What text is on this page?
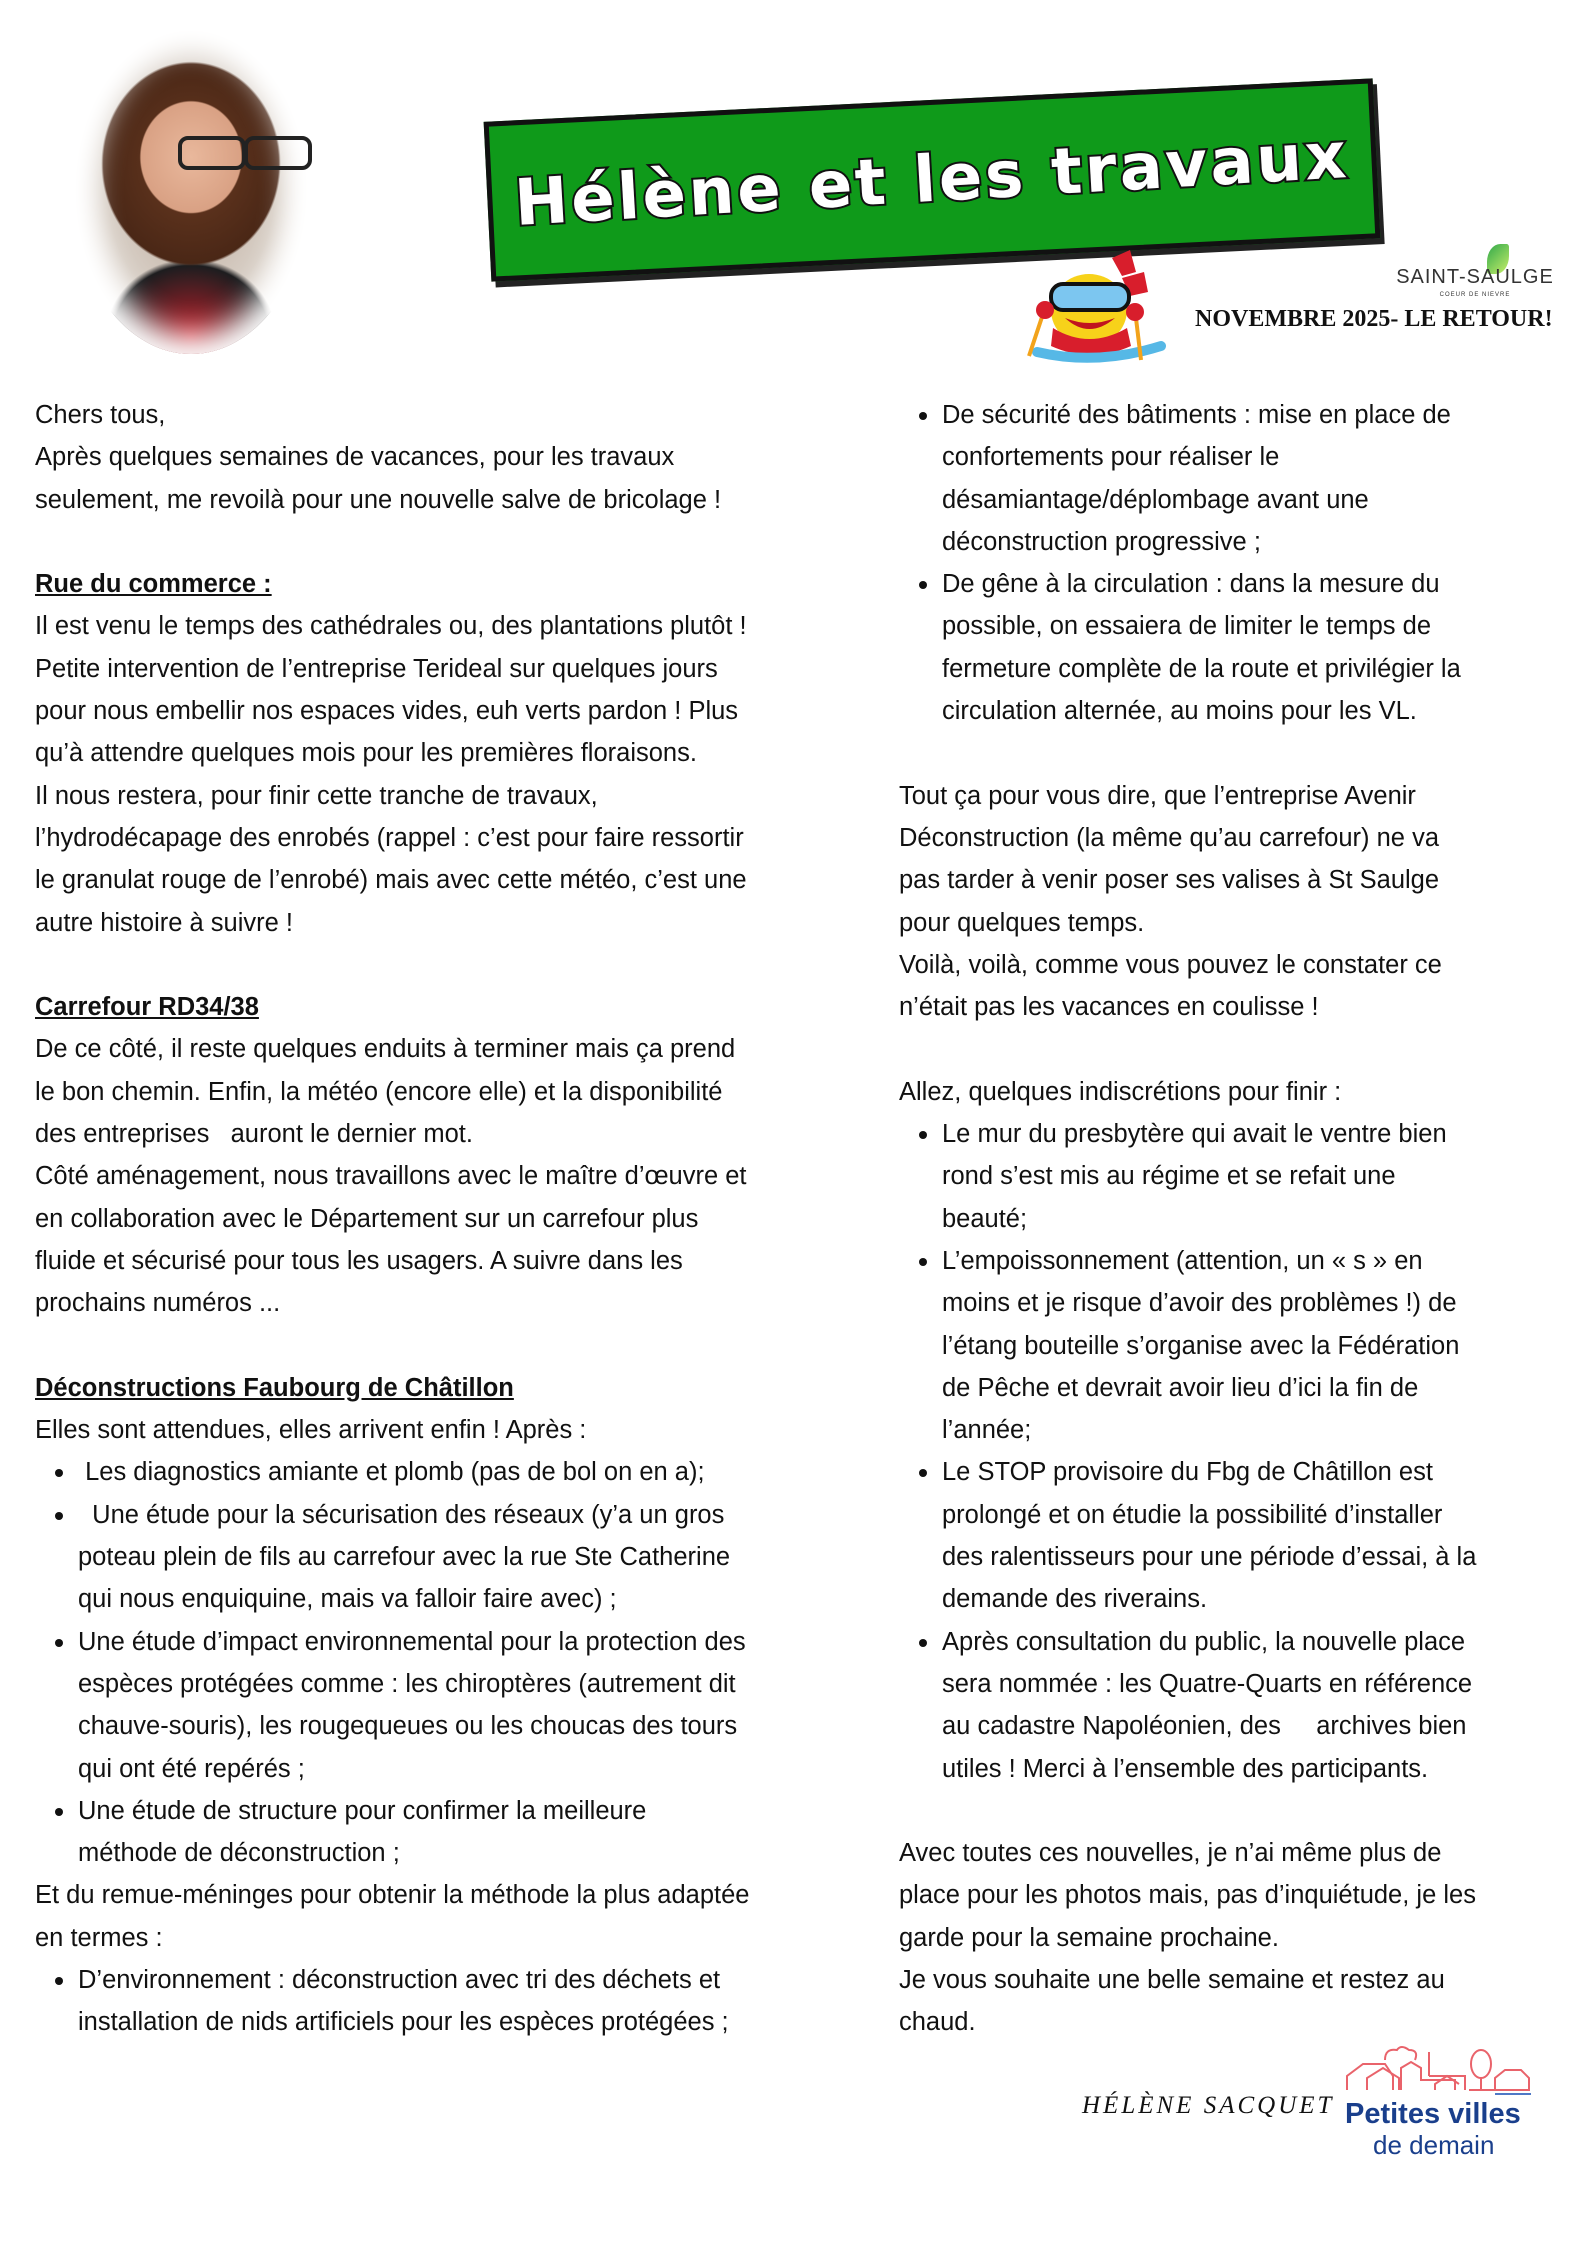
Hélène et les travaux
SAINT-SAULGE
COEUR DE NIEVRE
NOVEMBRE 2025- LE RETOUR!
Chers tous,
Après quelques semaines de vacances, pour les travaux
seulement, me revoilà pour une nouvelle salve de bricolage !
Rue du commerce :
Il est venu le temps des cathédrales ou, des plantations plutôt !
Petite intervention de l’entreprise Terideal sur quelques jours
pour nous embellir nos espaces vides, euh verts pardon ! Plus
qu’à attendre quelques mois pour les premières floraisons.
Il nous restera, pour finir cette tranche de travaux,
l’hydrodécapage des enrobés (rappel : c’est pour faire ressortir
le granulat rouge de l’enrobé) mais avec cette météo, c’est une
autre histoire à suivre !
Carrefour RD34/38
De ce côté, il reste quelques enduits à terminer mais ça prend
le bon chemin. Enfin, la météo (encore elle) et la disponibilité
des entreprises   auront le dernier mot.
Côté aménagement, nous travaillons avec le maître d’œuvre et
en collaboration avec le Département sur un carrefour plus
fluide et sécurisé pour tous les usagers. A suivre dans les
prochains numéros ...
Déconstructions Faubourg de Châtillon
Elles sont attendues, elles arrivent enfin ! Après :
Les diagnostics amiante et plomb (pas de bol on en a);
Une étude pour la sécurisation des réseaux (y’a un gros
poteau plein de fils au carrefour avec la rue Ste Catherine
qui nous enquiquine, mais va falloir faire avec) ;
Une étude d’impact environnemental pour la protection des
espèces protégées comme : les chiroptères (autrement dit
chauve-souris), les rougequeues ou les choucas des tours
qui ont été repérés ;
Une étude de structure pour confirmer la meilleure
méthode de déconstruction ;
Et du remue-méninges pour obtenir la méthode la plus adaptée
en termes :
D’environnement : déconstruction avec tri des déchets et
installation de nids artificiels pour les espèces protégées ;
De sécurité des bâtiments : mise en place de
confortements pour réaliser le
désamiantage/déplombage avant une
déconstruction progressive ;
De gêne à la circulation : dans la mesure du
possible, on essaiera de limiter le temps de
fermeture complète de la route et privilégier la
circulation alternée, au moins pour les VL.
Tout ça pour vous dire, que l’entreprise Avenir
Déconstruction (la même qu’au carrefour) ne va
pas tarder à venir poser ses valises à St Saulge
pour quelques temps.
Voilà, voilà, comme vous pouvez le constater ce
n’était pas les vacances en coulisse !
Allez, quelques indiscrétions pour finir :
Le mur du presbytère qui avait le ventre bien
rond s’est mis au régime et se refait une
beauté;
L’empoissonnement (attention, un « s » en
moins et je risque d’avoir des problèmes !) de
l’étang bouteille s’organise avec la Fédération
de Pêche et devrait avoir lieu d’ici la fin de
l’année;
Le STOP provisoire du Fbg de Châtillon est
prolongé et on étudie la possibilité d’installer
des ralentisseurs pour une période d’essai, à la
demande des riverains.
Après consultation du public, la nouvelle place
sera nommée : les Quatre-Quarts en référence
au cadastre Napoléonien, des     archives bien
utiles ! Merci à l’ensemble des participants.
Avec toutes ces nouvelles, je n’ai même plus de
place pour les photos mais, pas d’inquiétude, je les
garde pour la semaine prochaine.
Je vous souhaite une belle semaine et restez au
chaud.
HÉLÈNE SACQUET Petites villes
de demain
